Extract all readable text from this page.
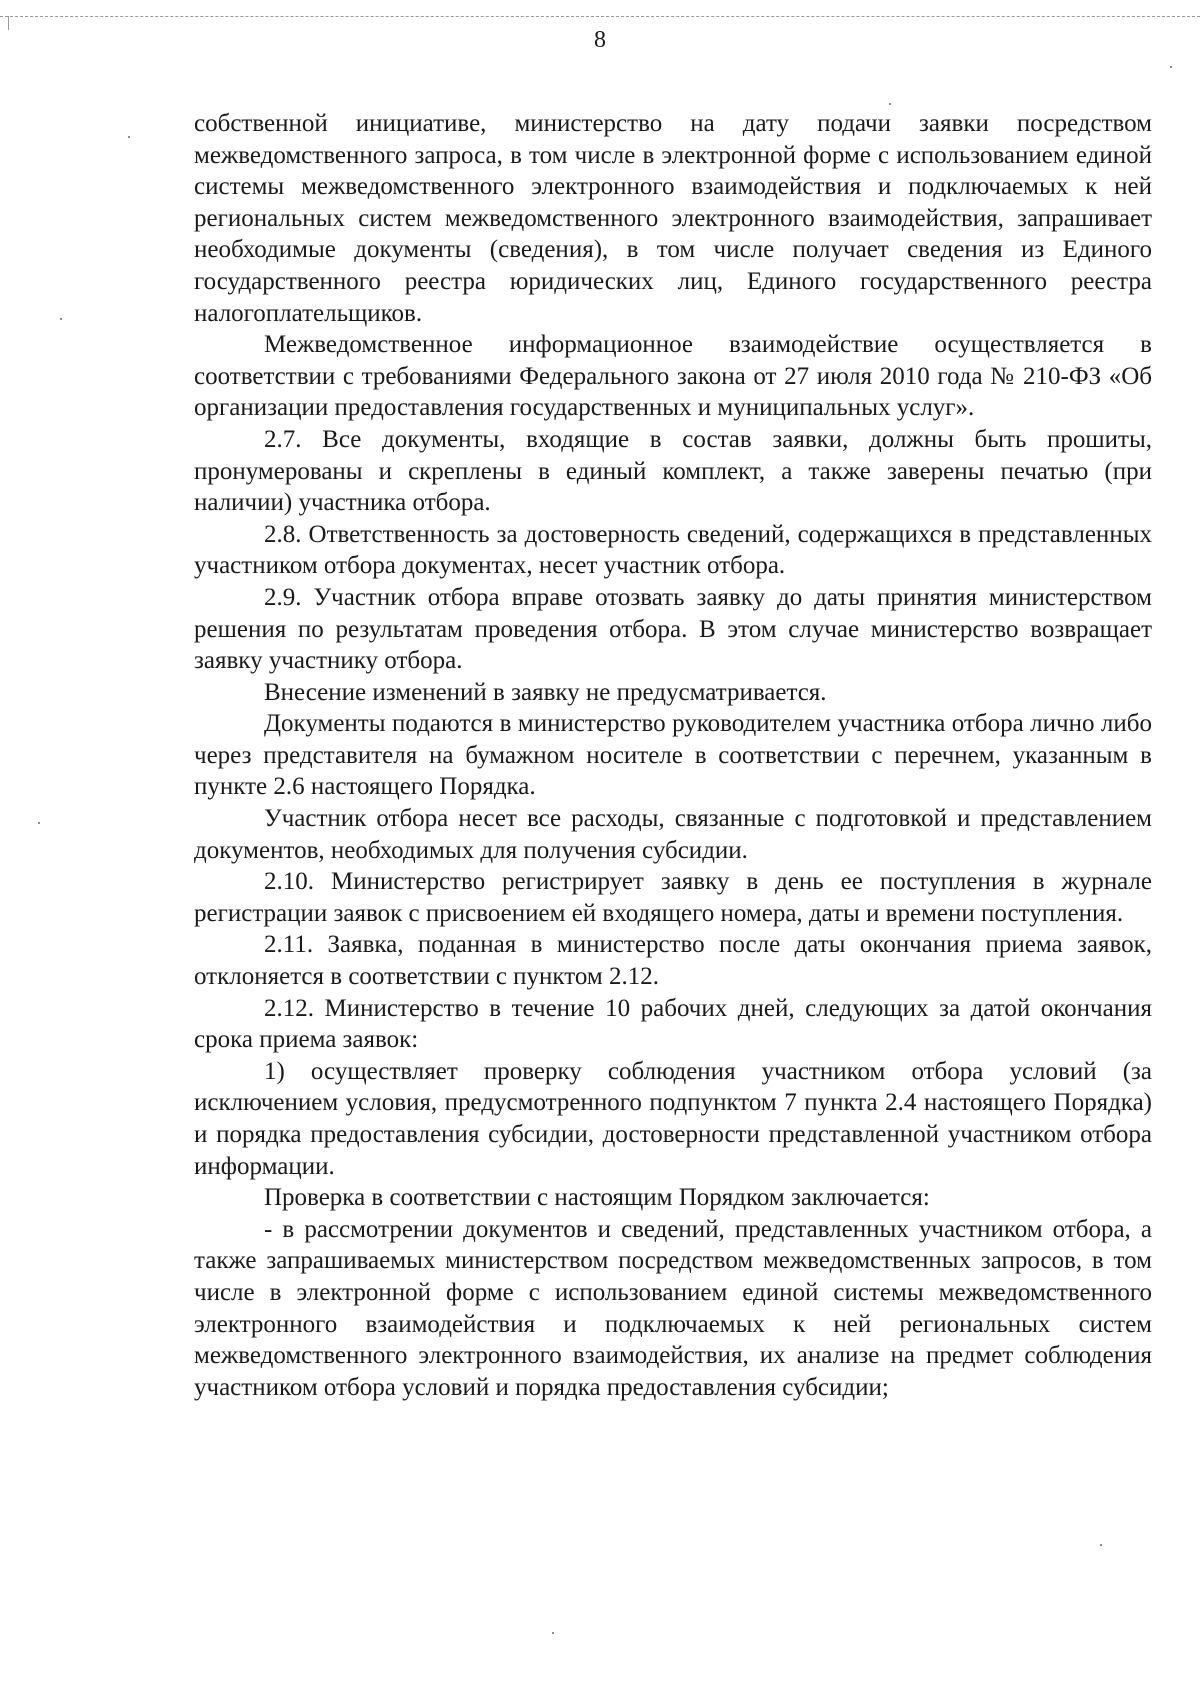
8

собственной инициативе, министерство на дату подачи заявки посредством межведомственного запроса, в том числе в электронной форме с использованием единой системы межведомственного электронного взаимодействия и подключаемых к ней региональных систем межведомственного электронного взаимодействия, запрашивает необходимые документы (сведения), в том числе получает сведения из Единого государственного реестра юридических лиц, Единого государственного реестра налогоплательщиков.

Межведомственное информационное взаимодействие осуществляется в соответствии с требованиями Федерального закона от 27 июля 2010 года № 210-ФЗ «Об организации предоставления государственных и муниципальных услуг».

2.7. Все документы, входящие в состав заявки, должны быть прошиты, пронумерованы и скреплены в единый комплект, а также заверены печатью (при наличии) участника отбора.

2.8. Ответственность за достоверность сведений, содержащихся в представленных участником отбора документах, несет участник отбора.

2.9. Участник отбора вправе отозвать заявку до даты принятия министерством решения по результатам проведения отбора. В этом случае министерство возвращает заявку участнику отбора.

Внесение изменений в заявку не предусматривается.

Документы подаются в министерство руководителем участника отбора лично либо через представителя на бумажном носителе в соответствии с перечнем, указанным в пункте 2.6 настоящего Порядка.

Участник отбора несет все расходы, связанные с подготовкой и представлением документов, необходимых для получения субсидии.

2.10. Министерство регистрирует заявку в день ее поступления в журнале регистрации заявок с присвоением ей входящего номера, даты и времени поступления.

2.11. Заявка, поданная в министерство после даты окончания приема заявок, отклоняется в соответствии с пунктом 2.12.

2.12. Министерство в течение 10 рабочих дней, следующих за датой окончания срока приема заявок:

1) осуществляет проверку соблюдения участником отбора условий (за исключением условия, предусмотренного подпунктом 7 пункта 2.4 настоящего Порядка) и порядка предоставления субсидии, достоверности представленной участником отбора информации.

Проверка в соответствии с настоящим Порядком заключается:

- в рассмотрении документов и сведений, представленных участником отбора, а также запрашиваемых министерством посредством межведомственных запросов, в том числе в электронной форме с использованием единой системы межведомственного электронного взаимодействия и подключаемых к ней региональных систем межведомственного электронного взаимодействия, их анализе на предмет соблюдения участником отбора условий и порядка предоставления субсидии;
